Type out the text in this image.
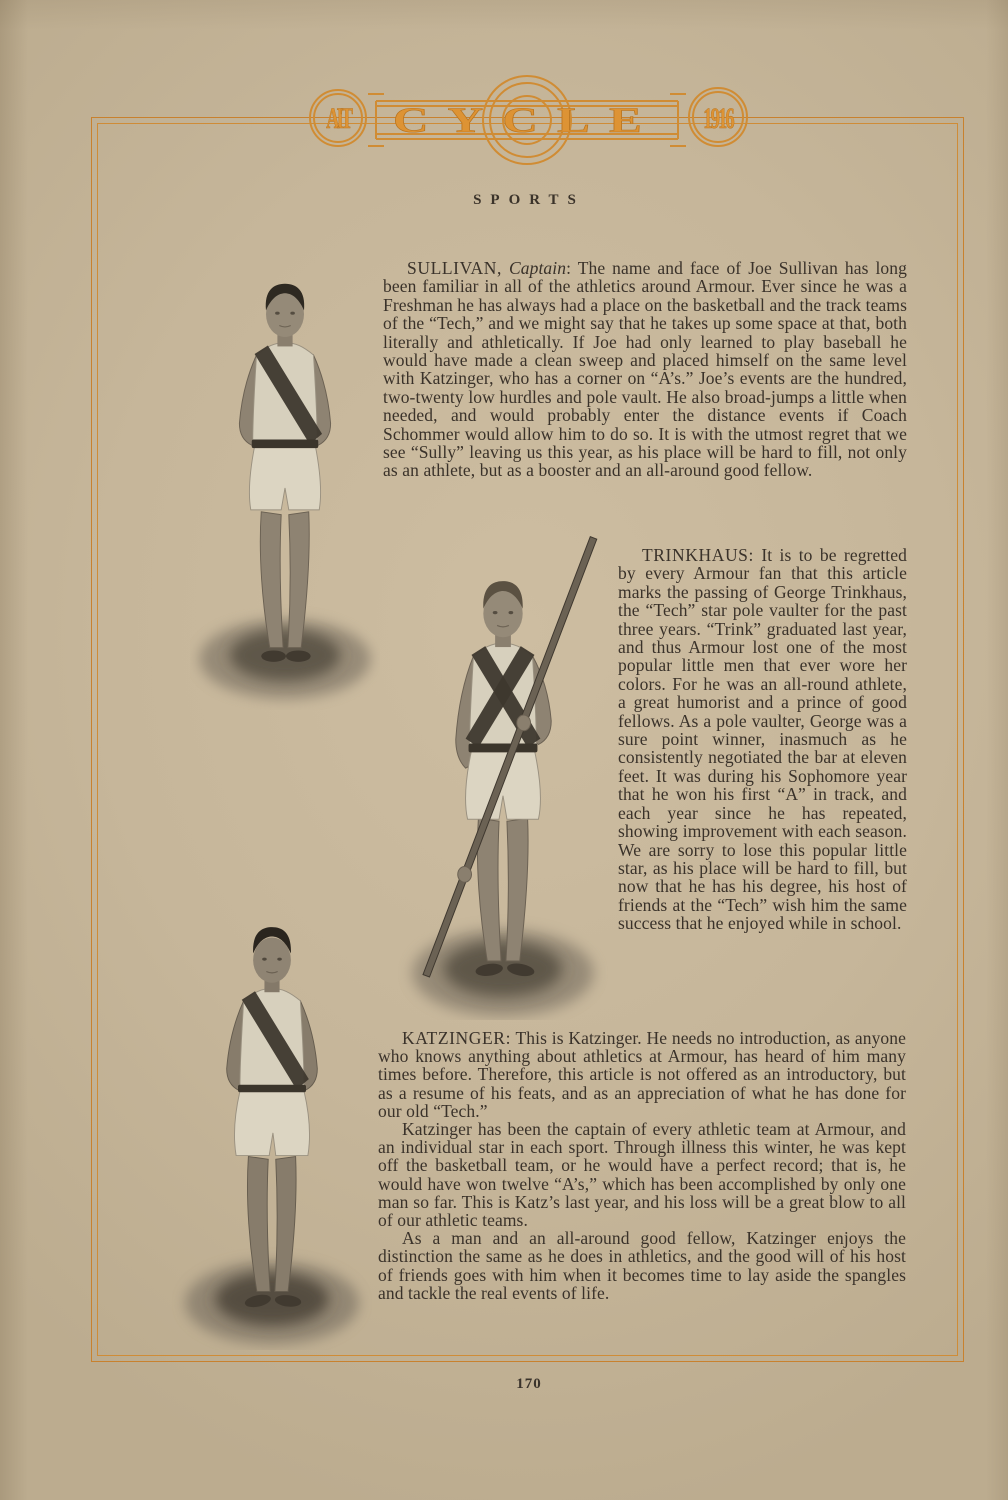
CYCLE
AIT	1916
SPORTS

SULLIVAN, Captain: The name and face of Joe Sullivan has long been familiar in all of the athletics around Armour. Ever since he was a Freshman he has always had a place on the basketball and the track teams of the “Tech,” and we might say that he takes up some space at that, both literally and athletically. If Joe had only learned to play baseball he would have made a clean sweep and placed himself on the same level with Katzinger, who has a corner on “A’s.” Joe’s events are the hundred, two-twenty low hurdles and pole vault. He also broad-jumps a little when needed, and would probably enter the distance events if Coach Schommer would allow him to do so. It is with the utmost regret that we see “Sully” leaving us this year, as his place will be hard to fill, not only as an athlete, but as a booster and an all-around good fellow.

TRINKHAUS: It is to be regretted by every Armour fan that this article marks the passing of George Trinkhaus, the “Tech” star pole vaulter for the past three years. “Trink” graduated last year, and thus Armour lost one of the most popular little men that ever wore her colors. For he was an all-round athlete, a great humorist and a prince of good fellows. As a pole vaulter, George was a sure point winner, inasmuch as he consistently negotiated the bar at eleven feet. It was during his Sophomore year that he won his first “A” in track, and each year since he has repeated, showing improvement with each season. We are sorry to lose this popular little star, as his place will be hard to fill, but now that he has his degree, his host of friends at the “Tech” wish him the same success that he enjoyed while in school.

KATZINGER: This is Katzinger. He needs no introduction, as anyone who knows anything about athletics at Armour, has heard of him many times before. Therefore, this article is not offered as an introductory, but as a resume of his feats, and as an appreciation of what he has done for our old “Tech.”

Katzinger has been the captain of every athletic team at Armour, and an individual star in each sport. Through illness this winter, he was kept off the basketball team, or he would have a perfect record; that is, he would have won twelve “A’s,” which has been accomplished by only one man so far. This is Katz’s last year, and his loss will be a great blow to all of our athletic teams.

As a man and an all-around good fellow, Katzinger enjoys the distinction the same as he does in athletics, and the good will of his host of friends goes with him when it becomes time to lay aside the spangles and tackle the real events of life.

170
